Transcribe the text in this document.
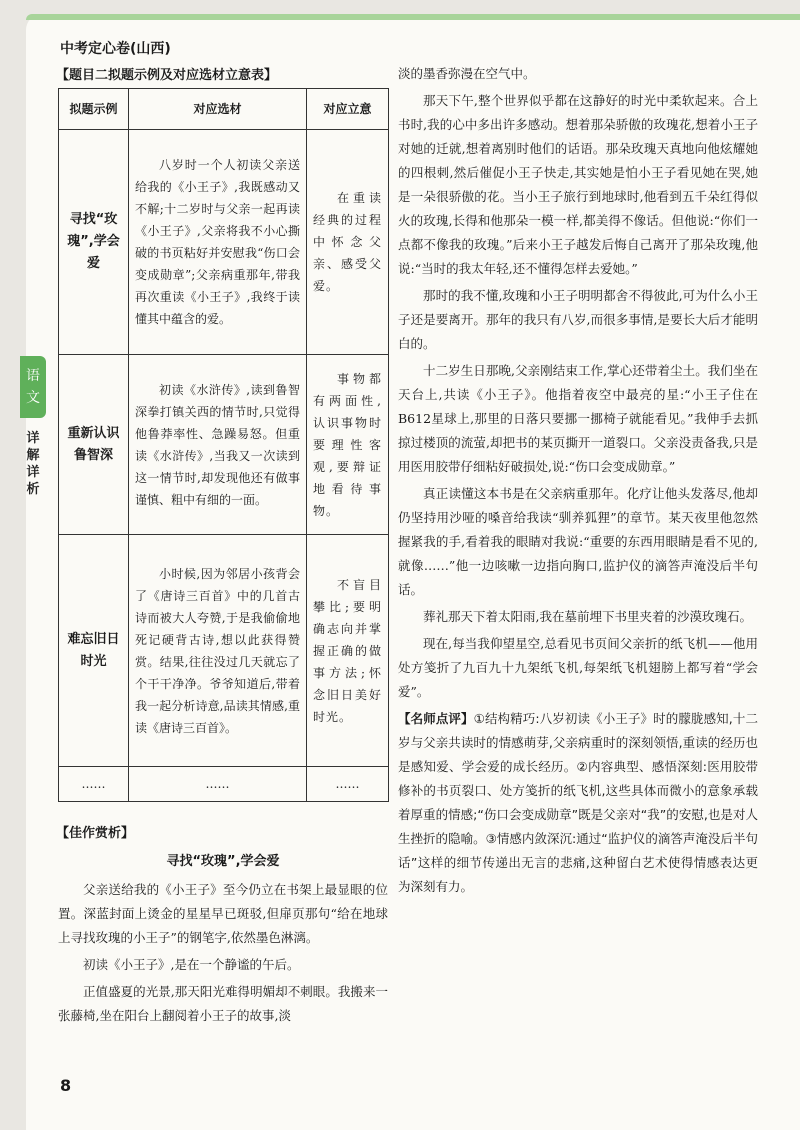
中考定心卷(山西)
语
文
详
解
详
析
【题目二拟题示例及对应选材立意表】
拟题示例	对应选材	对应立意
寻找“玫瑰”,学会爱	八岁时一个人初读父亲送给我的《小王子》,我既感动又不解;十二岁时与父亲一起再读《小王子》,父亲将我不小心撕破的书页粘好并安慰我“伤口会变成勋章”;父亲病重那年,带我再次重读《小王子》,我终于读懂其中蕴含的爱。	在重读经典的过程中怀念父亲、感受父爱。
重新认识鲁智深	初读《水浒传》,读到鲁智深拳打镇关西的情节时,只觉得他鲁莽率性、急躁易怒。但重读《水浒传》,当我又一次读到这一情节时,却发现他还有做事谨慎、粗中有细的一面。	事物都有两面性,认识事物时要理性客观,要辩证地看待事物。
难忘旧日时光	小时候,因为邻居小孩背会了《唐诗三百首》中的几首古诗而被大人夸赞,于是我偷偷地死记硬背古诗,想以此获得赞赏。结果,往往没过几天就忘了个干干净净。爷爷知道后,带着我一起分析诗意,品读其情感,重读《唐诗三百首》。	不盲目攀比;要明确志向并掌握正确的做事方法;怀念旧日美好时光。
……	……	……
【佳作赏析】
寻找“玫瑰”,学会爱

父亲送给我的《小王子》至今仍立在书架上最显眼的位置。深蓝封面上烫金的星星早已斑驳,但扉页那句“给在地球上寻找玫瑰的小王子”的钢笔字,依然墨色淋漓。

初读《小王子》,是在一个静谧的午后。

正值盛夏的光景,那天阳光难得明媚却不刺眼。我搬来一张藤椅,坐在阳台上翻阅着小王子的故事,淡

淡的墨香弥漫在空气中。

那天下午,整个世界似乎都在这静好的时光中柔软起来。合上书时,我的心中多出许多感动。想着那朵骄傲的玫瑰花,想着小王子对她的迁就,想着离别时他们的话语。那朵玫瑰天真地向他炫耀她的四根刺,然后催促小王子快走,其实她是怕小王子看见她在哭,她是一朵很骄傲的花。当小王子旅行到地球时,他看到五千朵红得似火的玫瑰,长得和他那朵一模一样,都美得不像话。但他说:“你们一点都不像我的玫瑰。”后来小王子越发后悔自己离开了那朵玫瑰,他说:“当时的我太年轻,还不懂得怎样去爱她。”

那时的我不懂,玫瑰和小王子明明都舍不得彼此,可为什么小王子还是要离开。那年的我只有八岁,而很多事情,是要长大后才能明白的。

十二岁生日那晚,父亲刚结束工作,掌心还带着尘土。我们坐在天台上,共读《小王子》。他指着夜空中最亮的星:“小王子住在B612星球上,那里的日落只要挪一挪椅子就能看见。”我伸手去抓掠过楼顶的流萤,却把书的某页撕开一道裂口。父亲没责备我,只是用医用胶带仔细粘好破损处,说:“伤口会变成勋章。”

真正读懂这本书是在父亲病重那年。化疗让他头发落尽,他却仍坚持用沙哑的嗓音给我读“驯养狐狸”的章节。某天夜里他忽然握紧我的手,看着我的眼睛对我说:“重要的东西用眼睛是看不见的,就像……”他一边咳嗽一边指向胸口,监护仪的滴答声淹没后半句话。

葬礼那天下着太阳雨,我在墓前埋下书里夹着的沙漠玫瑰石。

现在,每当我仰望星空,总看见书页间父亲折的纸飞机——他用处方笺折了九百九十九架纸飞机,每架纸飞机翅膀上都写着“学会爱”。

【名师点评】①结构精巧:八岁初读《小王子》时的朦胧感知,十二岁与父亲共读时的情感萌芽,父亲病重时的深刻领悟,重读的经历也是感知爱、学会爱的成长经历。②内容典型、感悟深刻:医用胶带修补的书页裂口、处方笺折的纸飞机,这些具体而微小的意象承载着厚重的情感;“伤口会变成勋章”既是父亲对“我”的安慰,也是对人生挫折的隐喻。③情感内敛深沉:通过“监护仪的滴答声淹没后半句话”这样的细节传递出无言的悲痛,这种留白艺术使得情感表达更为深刻有力。

8
